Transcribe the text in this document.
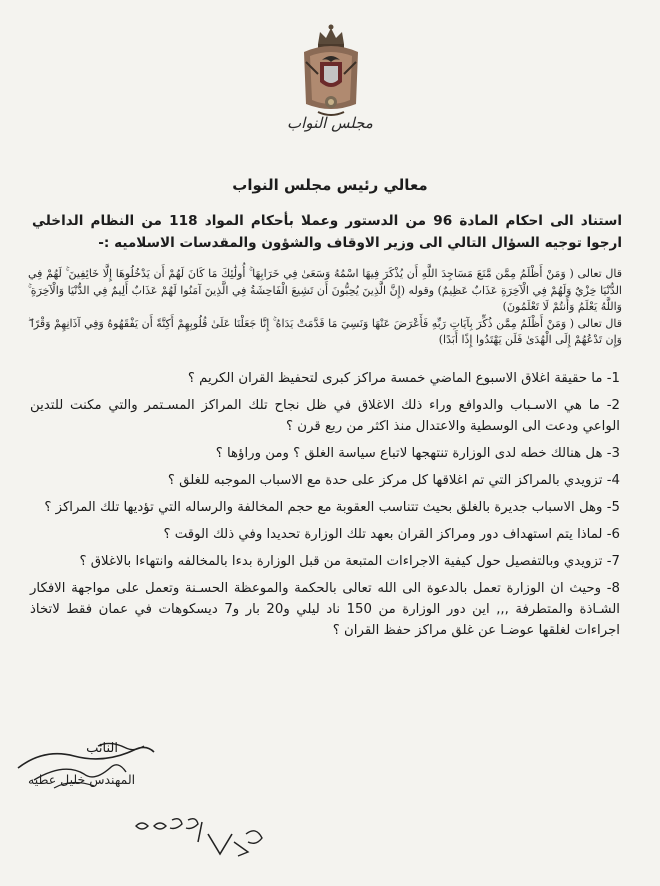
مجلس النواب
معالي رئيس مجلس النواب
استناد الى احكام المادة 96 من الدستور وعملا بأحكام المواد 118 من النظام الداخلي ارجوا توجيه السؤال التالي الى وزير الاوقاف والشؤون والمقدسات الاسلاميه :-

قال تعالى ( وَمَنْ أَظْلَمُ مِمَّن مَّنَعَ مَسَاجِدَ اللَّهِ أَن يُذْكَرَ فِيهَا اسْمُهُ وَسَعَىٰ فِي خَرَابِهَا ۚ أُولَٰئِكَ مَا كَانَ لَهُمْ أَن يَدْخُلُوهَا إِلَّا خَائِفِينَ ۚ لَهُمْ فِي الدُّنْيَا خِزْيٌ وَلَهُمْ فِي الْآخِرَةِ عَذَابٌ عَظِيمٌ) وقوله (إِنَّ الَّذِينَ يُحِبُّونَ أَن تَشِيعَ الْفَاحِشَةُ فِي الَّذِينَ آمَنُوا لَهُمْ عَذَابٌ أَلِيمٌ فِي الدُّنْيَا وَالْآخِرَةِ ۚ وَاللَّهُ يَعْلَمُ وَأَنتُمْ لَا تَعْلَمُونَ)

قال تعالى ( وَمَنْ أَظْلَمُ مِمَّن ذُكِّرَ بِآيَاتِ رَبِّهِ فَأَعْرَضَ عَنْهَا وَنَسِيَ مَا قَدَّمَتْ يَدَاهُ ۚ إِنَّا جَعَلْنَا عَلَىٰ قُلُوبِهِمْ أَكِنَّةً أَن يَفْقَهُوهُ وَفِي آذَانِهِمْ وَقْرًا ۖ وَإِن تَدْعُهُمْ إِلَى الْهُدَىٰ فَلَن يَهْتَدُوا إِذًا أَبَدًا)

1- ما حقيقة اغلاق الاسبوع الماضي خمسة مراكز كبرى لتحفيظ القران الكريم ؟

2- ما هي الاسـباب والدوافع وراء ذلك الاغلاق في ظل نجاح تلك المراكز المسـتمر والتي مكنت للتدين الواعي ودعت الى الوسطية والاعتدال منذ اكثر من ربع قرن ؟

3- هل هنالك خطه لدى الوزارة تنتهجها لاتباع سياسة الغلق ؟ ومن وراؤها ؟

4- تزويدي بالمراكز التي تم اغلاقها كل مركز على حدة مع الاسباب الموجبه للغلق ؟

5- وهل الاسباب جديرة بالغلق بحيث تتناسب العقوبة مع حجم المخالفة والرساله التي تؤديها تلك المراكز ؟

6- لماذا يتم استهداف دور ومراكز القران بعهد تلك الوزارة تحديدا وفي ذلك الوقت ؟

7- تزويدي وبالتفصيل حول كيفية الاجراءات المتبعة من قبل الوزارة بدءا بالمخالفه وانتهاءا بالاغلاق ؟

8- وحيث ان الوزارة تعمل بالدعوة الى الله تعالى بالحكمة والموعظة الحسـنة وتعمل على مواجهة الافكار الشـاذة والمتطرفة ,,, اين دور الوزارة من 150 ناد ليلي و20 بار و7 ديسكوهات في عمان فقط لاتخاذ اجراءات لغلقها عوضـا عن غلق مراكز حفظ القران ؟

النائب
المهندس خليل عطيه
